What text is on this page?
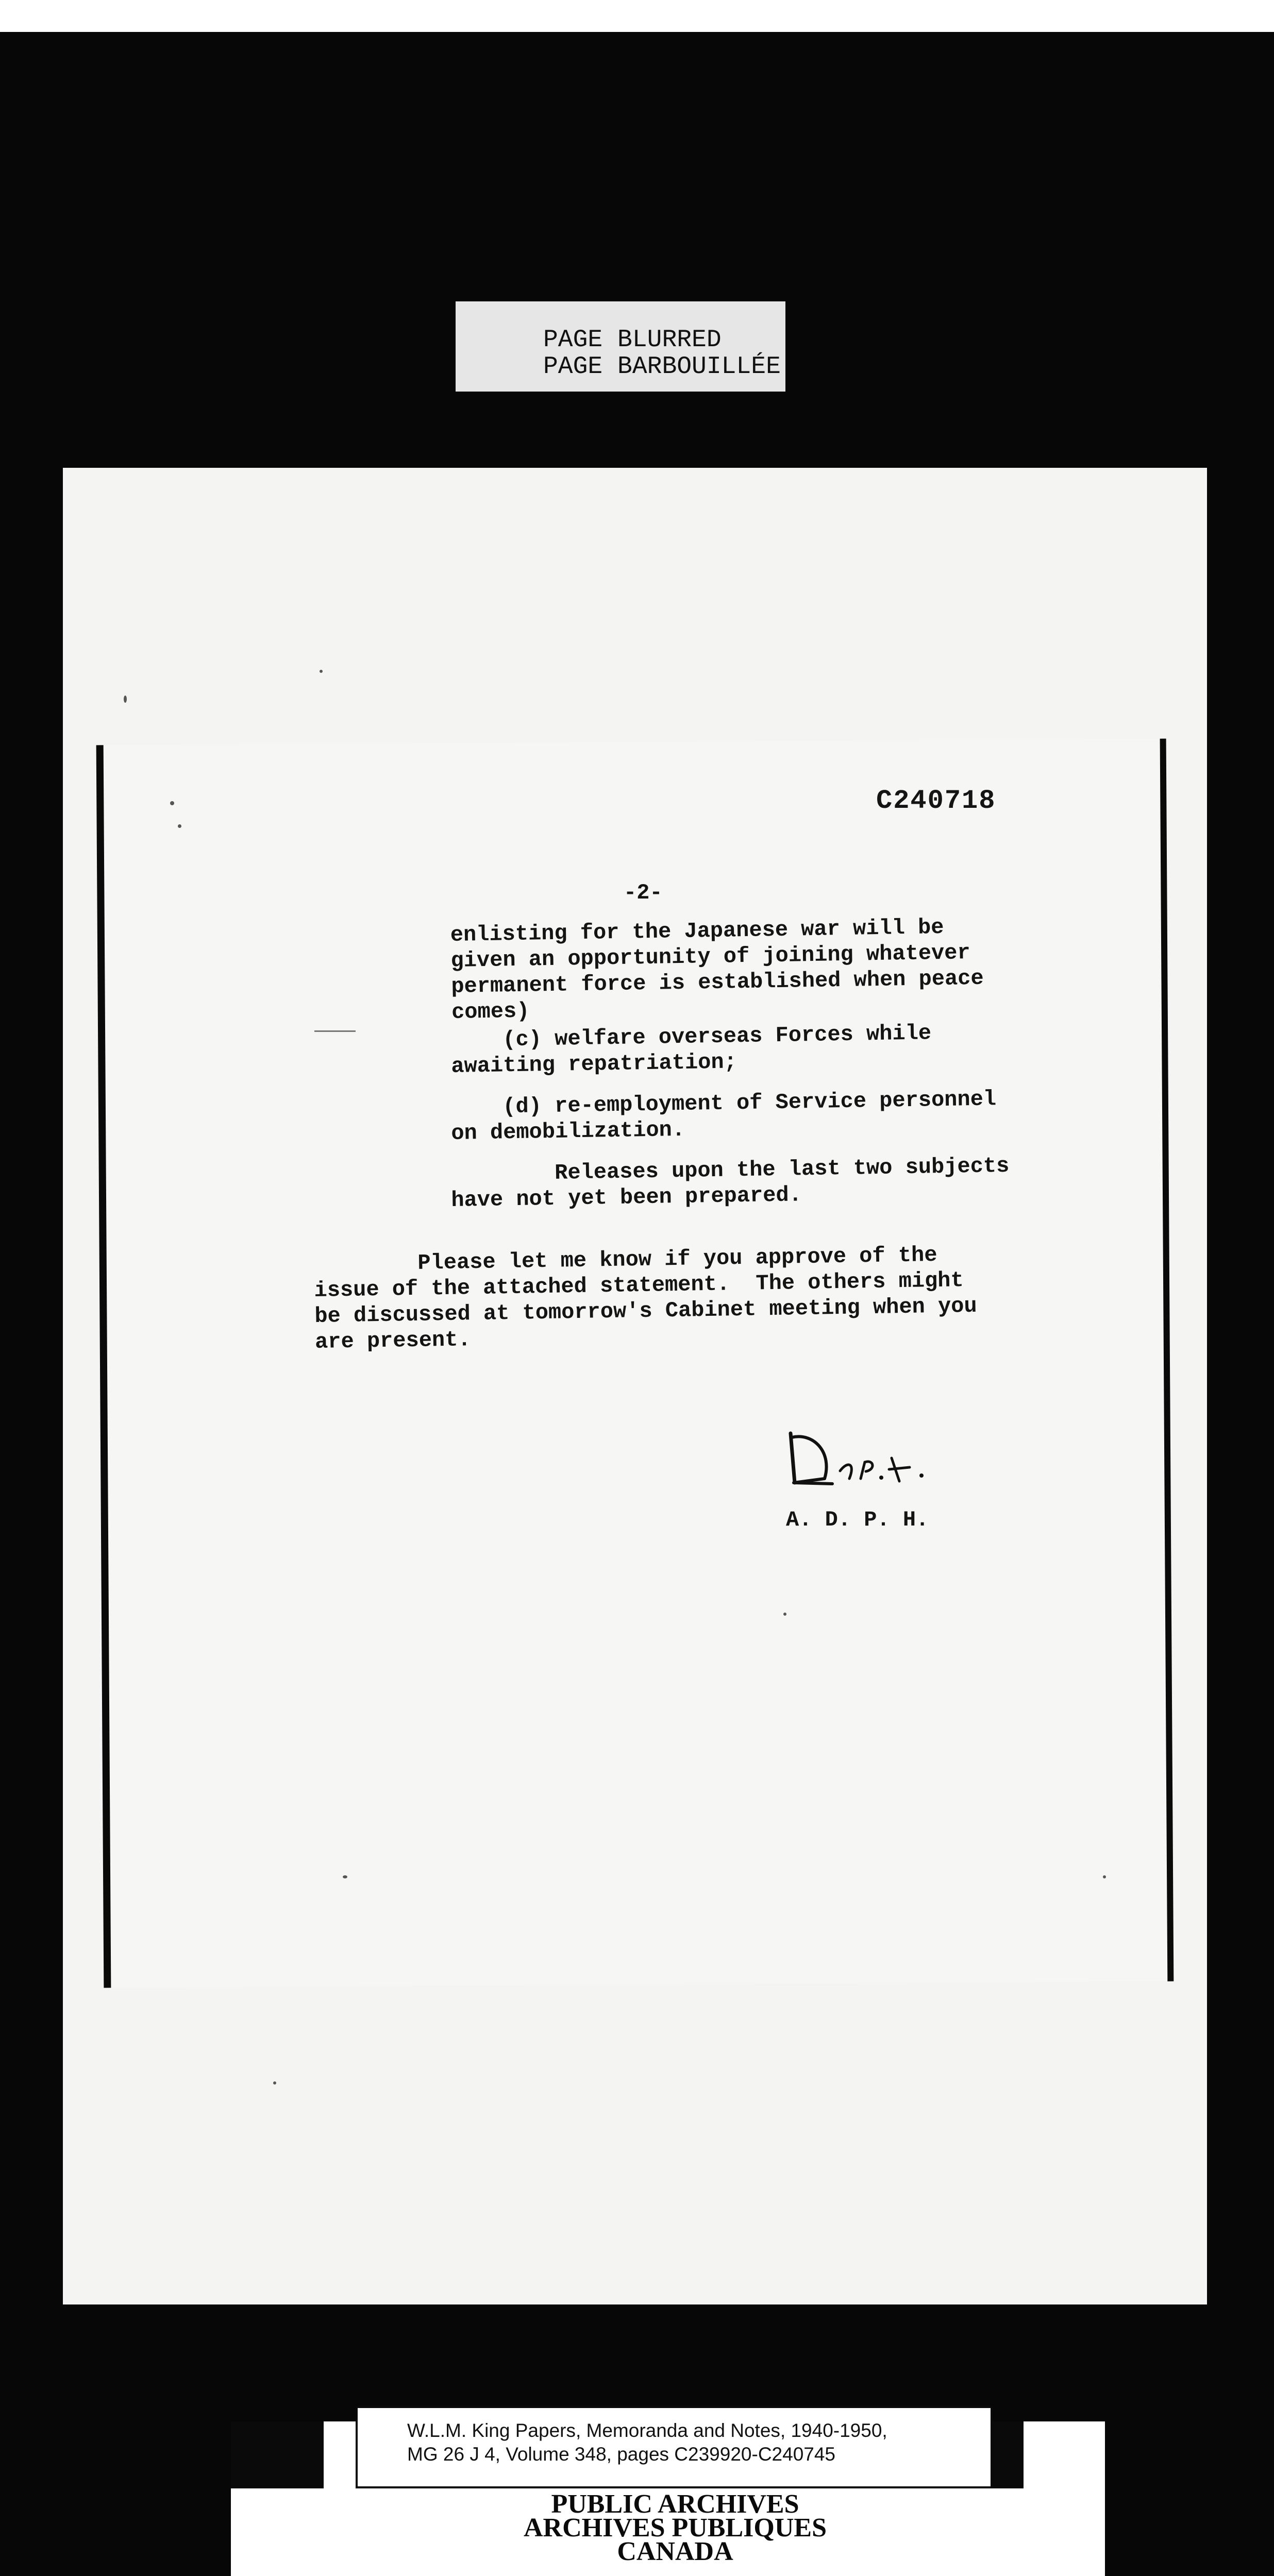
PAGE BLURRED
PAGE BARBOUILLÉE
C240718
-2-
enlisting for the Japanese war will be
given an opportunity of joining whatever
permanent force is established when peace
comes)
(c) welfare overseas Forces while
awaiting repatriation;
(d) re-employment of Service personnel
on demobilization.
Releases upon the last two subjects
have not yet been prepared.
Please let me know if you approve of the
issue of the attached statement.  The others might
be discussed at tomorrow's Cabinet meeting when you
are present.
A. D. P. H.
W.L.M. King Papers, Memoranda and Notes, 1940-1950,
MG 26 J 4, Volume 348, pages C239920-C240745
PUBLIC ARCHIVES
ARCHIVES PUBLIQUES
CANADA
